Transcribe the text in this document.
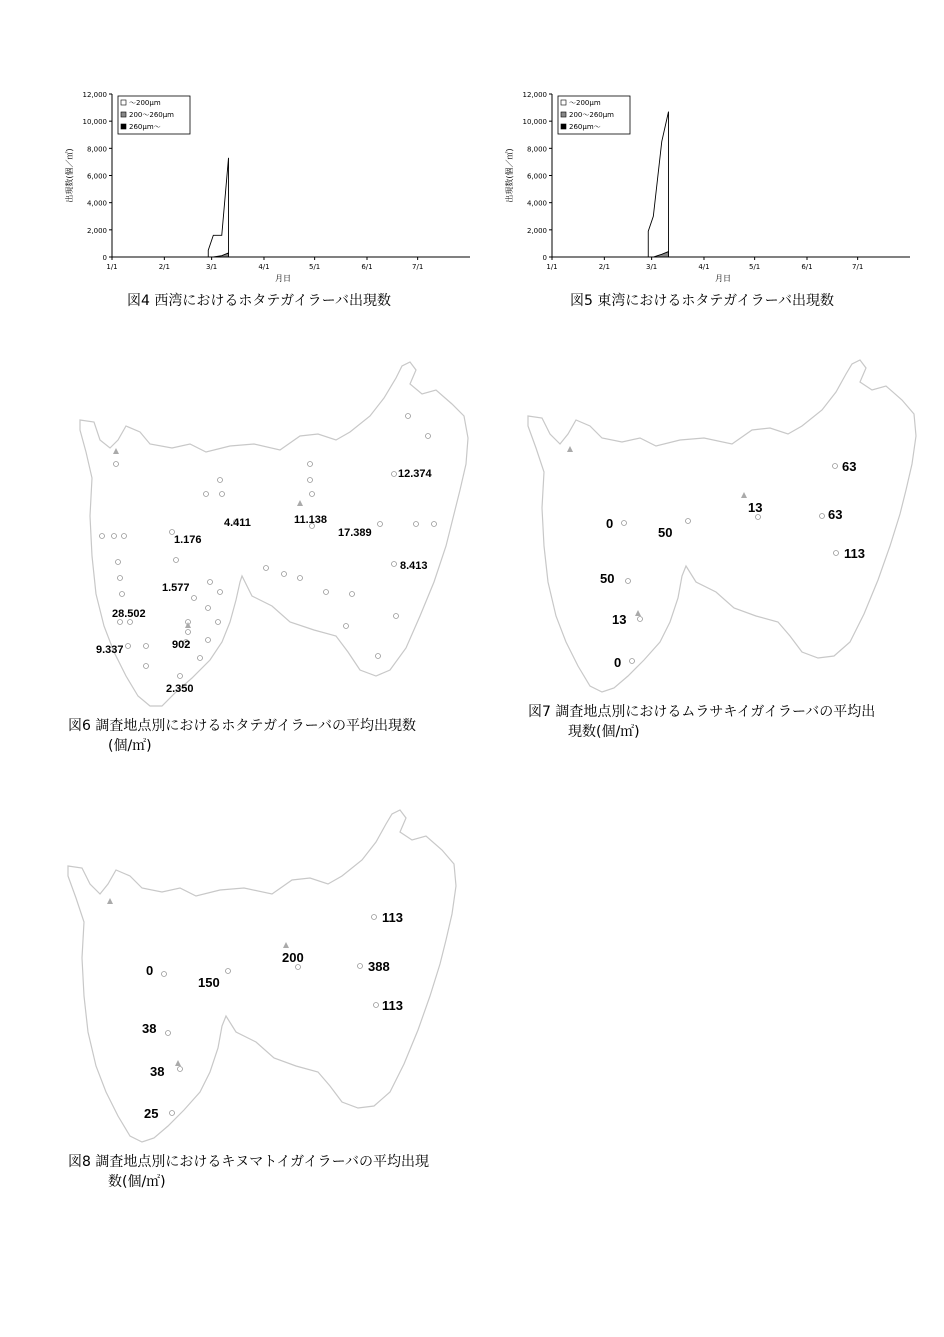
12,000
10,000
8,000
6,000
4,000
2,000
0
1/1	2/1	3/1	4/1	5/1	6/1	7/1
出現数(個／㎥)
月日
～200μm
200～260μm
260μm～
図4 西湾におけるホタテガイラーバ出現数
12,000
10,000
8,000
6,000
4,000
2,000
0
1/1	2/1	3/1	4/1	5/1	6/1	7/1
出現数(個／㎥)
月日
～200μm
200～260μm
260μm～
図5 東湾におけるホタテガイラーバ出現数
12.374
4.411	11.138
17.389
1.176
8.413
1.577
28.502
9.337	902
2.350
図6 調査地点別におけるホタテガイラーバの平均出現数
(個/㎡)
63
13
0
50
63
113
50
13
0
図7 調査地点別におけるムラサキイガイラーバの平均出
現数(個/㎡)
113
200
388
0
150
113
38
38
25
図8 調査地点別におけるキヌマトイガイラーバの平均出現
数(個/㎡)
